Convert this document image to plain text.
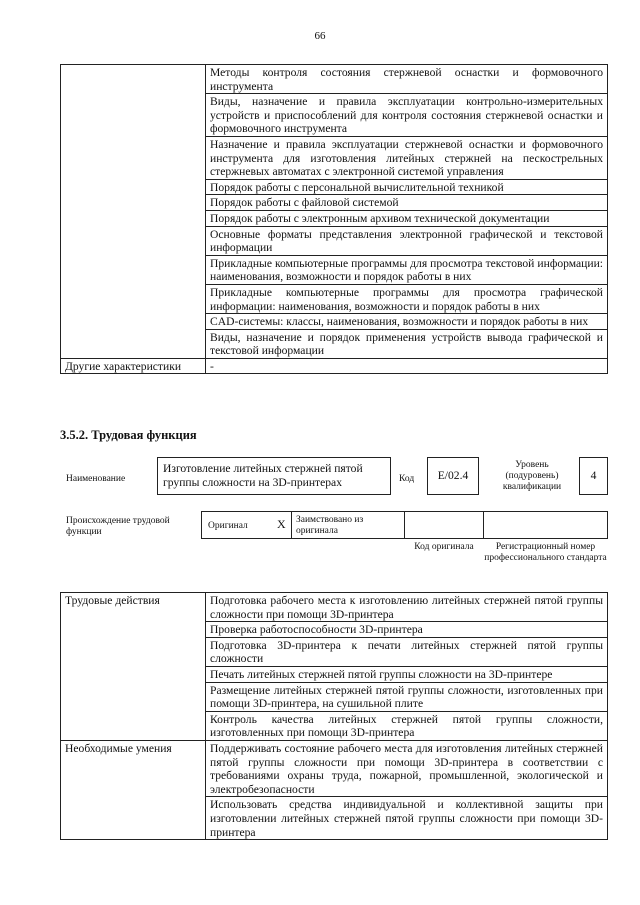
66
	Методы контроля состояния стержневой оснастки и формовочного инструмента
	Виды, назначение и правила эксплуатации контрольно-измерительных устройств и приспособлений для контроля состояния стержневой оснастки и формовочного инструмента
	Назначение и правила эксплуатации стержневой оснастки и формовочного инструмента для изготовления литейных стержней на пескострельных стержневых автоматах с электронной системой управления
	Порядок работы с персональной вычислительной техникой
	Порядок работы с файловой системой
	Порядок работы с электронным архивом технической документации
	Основные форматы представления электронной графической и текстовой информации
	Прикладные компьютерные программы для просмотра текстовой информации: наименования, возможности и порядок работы в них
	Прикладные компьютерные программы для просмотра графической информации: наименования, возможности и порядок работы в них
	CAD-системы: классы, наименования, возможности и порядок работы в них
	Виды, назначение и порядок применения устройств вывода графической и текстовой информации
Другие характеристики	-
3.5.2. Трудовая функция
Наименование
Изготовление литейных стержней пятой группы сложности на 3D-принтерах	Код	E/02.4
Уровень (подуровень) квалификации
4
Происхождение трудовой функции
Оригинал X Заимствовано из оригинала
Код оригинала	Регистрационный номер профессионального стандарта
Трудовые действия	Подготовка рабочего места к изготовлению литейных стержней пятой группы сложности при помощи 3D-принтера
	Проверка работоспособности 3D-принтера
	Подготовка 3D-принтера к печати литейных стержней пятой группы сложности
	Печать литейных стержней пятой группы сложности на 3D-принтере
	Размещение литейных стержней пятой группы сложности, изготовленных при помощи 3D-принтера, на сушильной плите
	Контроль качества литейных стержней пятой группы сложности, изготовленных при помощи 3D-принтера
Необходимые умения	Поддерживать состояние рабочего места для изготовления литейных стержней пятой группы сложности при помощи 3D-принтера в соответствии с требованиями охраны труда, пожарной, промышленной, экологической и электробезопасности
	Использовать средства индивидуальной и коллективной защиты при изготовлении литейных стержней пятой группы сложности при помощи 3D-принтера
